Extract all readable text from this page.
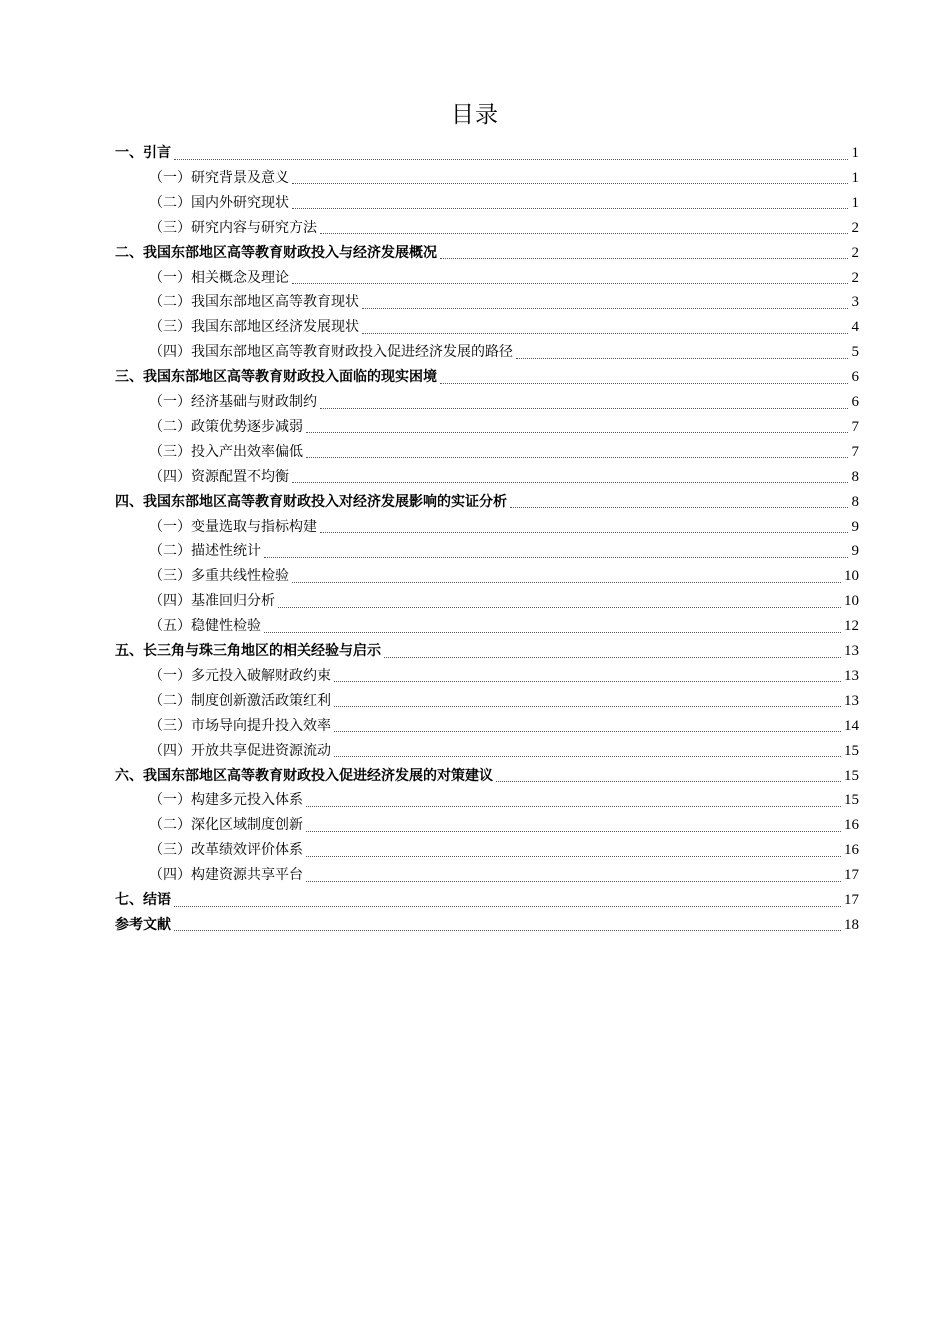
目录
一、引言	1
（一）研究背景及意义	1
（二）国内外研究现状	1
（三）研究内容与研究方法	2
二、我国东部地区高等教育财政投入与经济发展概况	2
（一）相关概念及理论	2
（二）我国东部地区高等教育现状	3
（三）我国东部地区经济发展现状	4
（四）我国东部地区高等教育财政投入促进经济发展的路径	5
三、我国东部地区高等教育财政投入面临的现实困境	6
（一）经济基础与财政制约	6
（二）政策优势逐步减弱	7
（三）投入产出效率偏低	7
（四）资源配置不均衡	8
四、我国东部地区高等教育财政投入对经济发展影响的实证分析	8
（一）变量选取与指标构建	9
（二）描述性统计	9
（三）多重共线性检验	10
（四）基准回归分析	10
（五）稳健性检验	12
五、长三角与珠三角地区的相关经验与启示	13
（一）多元投入破解财政约束	13
（二）制度创新激活政策红利	13
（三）市场导向提升投入效率	14
（四）开放共享促进资源流动	15
六、我国东部地区高等教育财政投入促进经济发展的对策建议	15
（一）构建多元投入体系	15
（二）深化区域制度创新	16
（三）改革绩效评价体系	16
（四）构建资源共享平台	17
七、结语	17
参考文献	18
